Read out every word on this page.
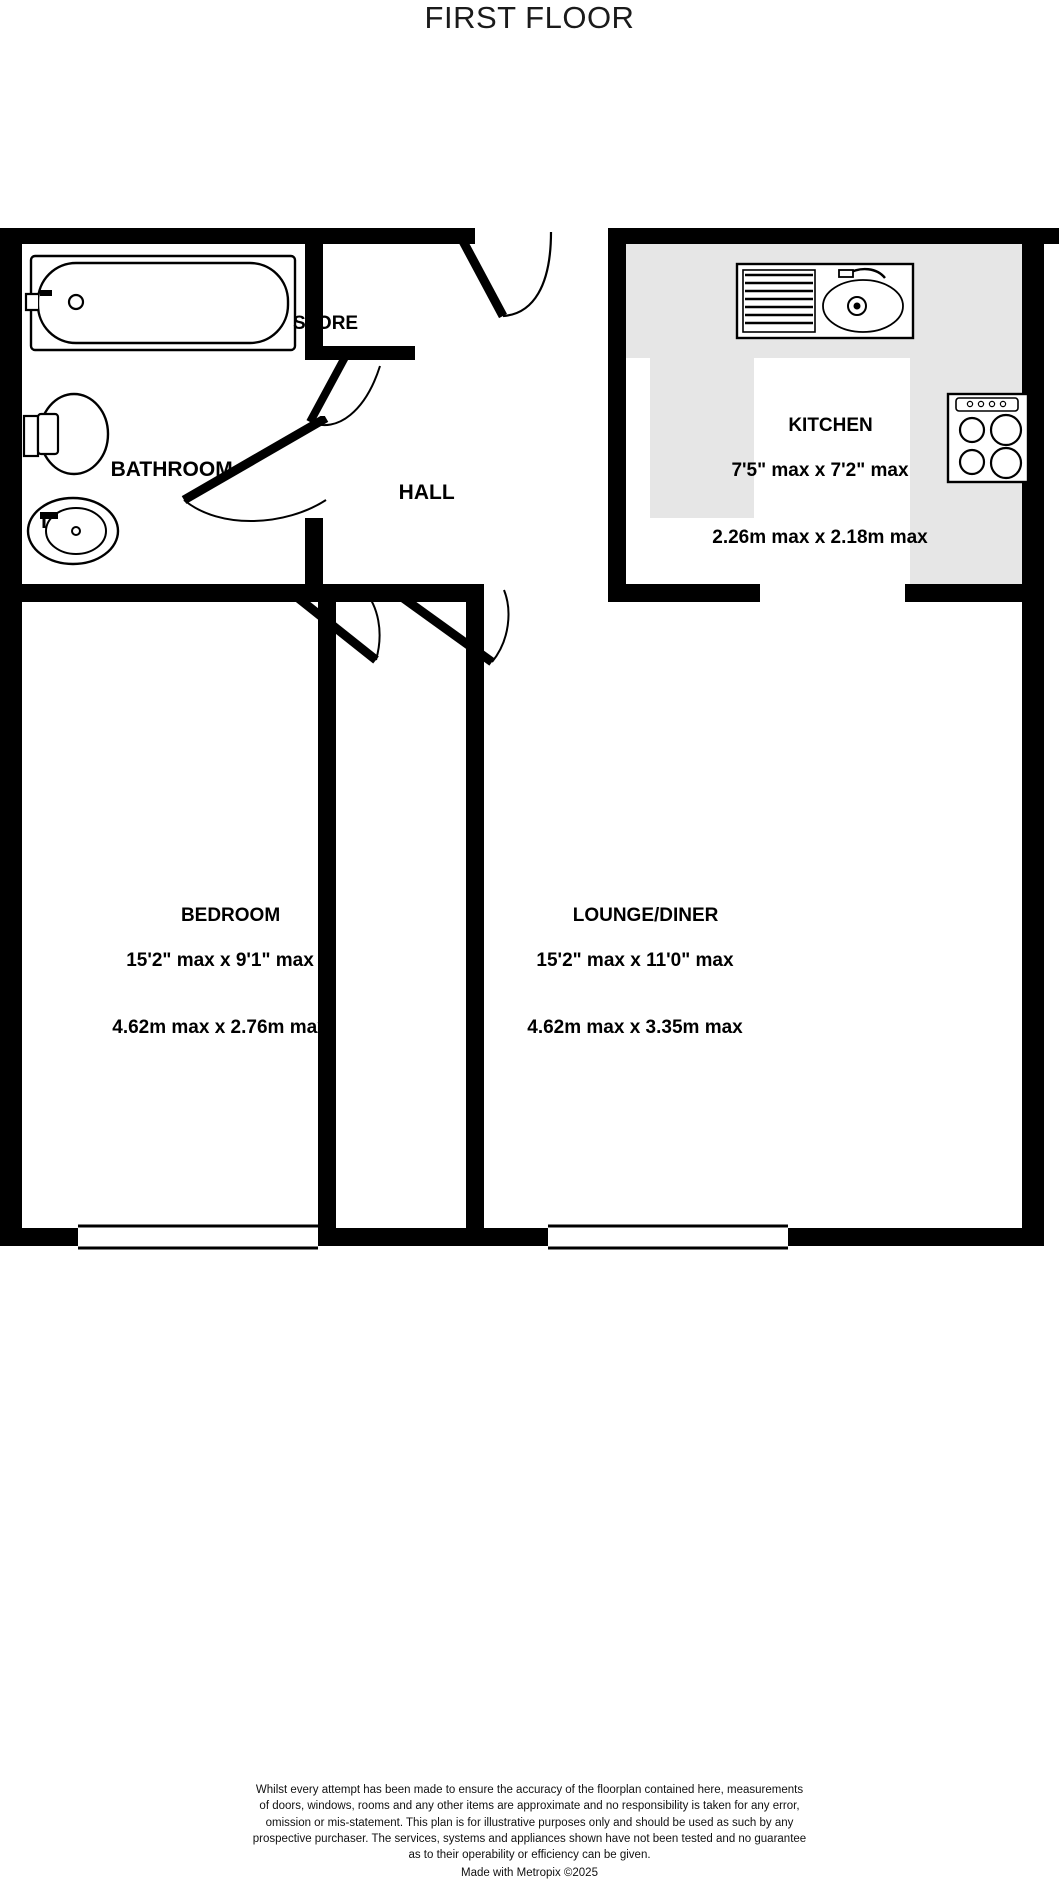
FIRST FLOOR

BATHROOM

STORE

HALL

KITCHEN

7'5" max x 7'2" max

2.26m max x 2.18m max

BEDROOM

15'2" max x 9'1" max

4.62m max x 2.76m max

LOUNGE/DINER

15'2" max x 11'0" max

4.62m max x 3.35m max

Whilst every attempt has been made to ensure the accuracy of the floorplan contained here, measurements
of doors, windows, rooms and any other items are approximate and no responsibility is taken for any error,
omission or mis-statement. This plan is for illustrative purposes only and should be used as such by any
prospective purchaser. The services, systems and appliances shown have not been tested and no guarantee
as to their operability or efficiency can be given.
Made with Metropix ©2025
